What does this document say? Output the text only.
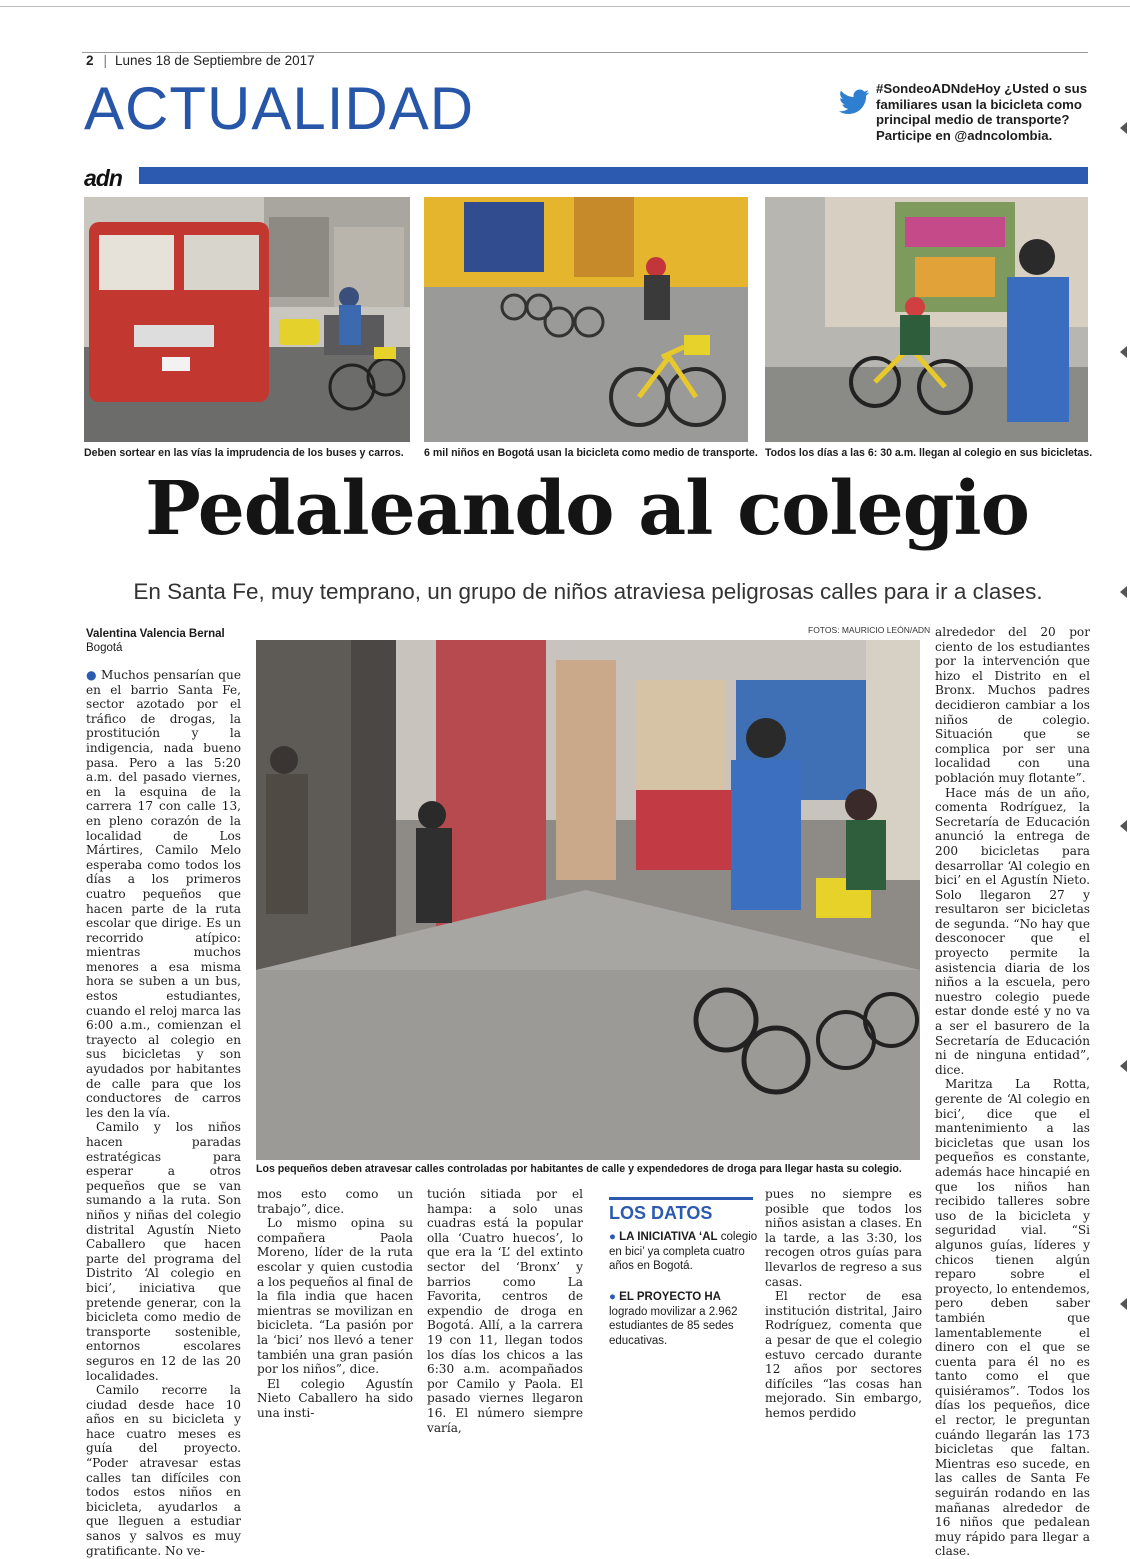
2 | Lunes 18 de Septiembre de 2017
ACTUALIDAD	#SondeoADNdeHoy ¿Usted o sus familiares usan la bicicleta como principal medio de transporte? Participe en @adncolombia.
adn
Deben sortear en las vías la imprudencia de los buses y carros. 6 mil niños en Bogotá usan la bicicleta como medio de transporte. Todos los días a las 6: 30 a.m. llegan al colegio en sus bicicletas.
Pedaleando al colegio
En Santa Fe, muy temprano, un grupo de niños atraviesa peligrosas calles para ir a clases.
Valentina Valencia Bernal
Bogotá
FOTOS: MAURICIO LEÓN/ADN
Los pequeños deben atravesar calles controladas por habitantes de calle y expendedores de droga para llegar hasta su colegio.

● Muchos pensarían que en el barrio Santa Fe, sector azotado por el tráfico de drogas, la prostitución y la indigencia, nada bueno pasa. Pero a las 5:20 a.m. del pasado viernes, en la esquina de la carrera 17 con calle 13, en pleno corazón de la localidad de Los Mártires, Camilo Melo esperaba como todos los días a los primeros cuatro pequeños que hacen parte de la ruta escolar que dirige. Es un recorrido atípico: mientras muchos menores a esa misma hora se suben a un bus, estos estudiantes, cuando el reloj marca las 6:00 a.m., comienzan el trayecto al colegio en sus bicicletas y son ayudados por habitantes de calle para que los conductores de carros les den la vía.

Camilo y los niños hacen paradas estratégicas para esperar a otros pequeños que se van sumando a la ruta. Son niños y niñas del colegio distrital Agustín Nieto Caballero que hacen parte del programa del Distrito ‘Al colegio en bici’, iniciativa que pretende generar, con la bicicleta como medio de transporte sostenible, entornos escolares seguros en 12 de las 20 localidades.

Camilo recorre la ciudad desde hace 10 años en su bicicleta y hace cuatro meses es guía del proyecto. “Poder atravesar estas calles tan difíciles con todos estos niños en bicicleta, ayudarlos a que lleguen a estudiar sanos y salvos es muy gratificante. No ve-

mos esto como un trabajo”, dice.

Lo mismo opina su compañera Paola Moreno, líder de la ruta escolar y quien custodia a los pequeños al final de la fila india que hacen mientras se movilizan en bicicleta. “La pasión por la ‘bici’ nos llevó a tener también una gran pasión por los niños”, dice.

El colegio Agustín Nieto Caballero ha sido una insti-

tución sitiada por el hampa: a solo unas cuadras está la popular olla ‘Cuatro huecos’, lo que era la ‘L’ del extinto sector del ‘Bronx’ y barrios como La Favorita, centros de expendio de droga en Bogotá. Allí, a la carrera 19 con 11, llegan todos los días los chicos a las 6:30 a.m. acompañados por Camilo y Paola. El pasado viernes llegaron 16. El número siempre varía,

LOS DATOS
● LA INICIATIVA ‘AL colegio en bici’ ya completa cuatro años en Bogotá.
● EL PROYECTO HA logrado movilizar a 2.962 estudiantes de 85 sedes educativas.

pues no siempre es posible que todos los niños asistan a clases. En la tarde, a las 3:30, los recogen otros guías para llevarlos de regreso a sus casas.

El rector de esa institución distrital, Jairo Rodríguez, comenta que a pesar de que el colegio estuvo cercado durante 12 años por sectores difíciles “las cosas han mejorado. Sin embargo, hemos perdido

alrededor del 20 por ciento de los estudiantes por la intervención que hizo el Distrito en el Bronx. Muchos padres decidieron cambiar a los niños de colegio. Situación que se complica por ser una localidad con una población muy flotante”.

Hace más de un año, comenta Rodríguez, la Secretaría de Educación anunció la entrega de 200 bicicletas para desarrollar ‘Al colegio en bici’ en el Agustín Nieto. Solo llegaron 27 y resultaron ser bicicletas de segunda. “No hay que desconocer que el proyecto permite la asistencia diaria de los niños a la escuela, pero nuestro colegio puede estar donde esté y no va a ser el basurero de la Secretaría de Educación ni de ninguna entidad”, dice.

Maritza La Rotta, gerente de ‘Al colegio en bici’, dice que el mantenimiento a las bicicletas que usan los pequeños es constante, además hace hincapié en que los niños han recibido talleres sobre uso de la bicicleta y seguridad vial. “Si algunos guías, líderes y chicos tienen algún reparo sobre el proyecto, lo entendemos, pero deben saber también que lamentablemente el dinero con el que se cuenta para él no es tanto como el que quisiéramos”. Todos los días los pequeños, dice el rector, le preguntan cuándo llegarán las 173 bicicletas que faltan. Mientras eso sucede, en las calles de Santa Fe seguirán rodando en las mañanas alrededor de 16 niños que pedalean muy rápido para llegar a clase.
